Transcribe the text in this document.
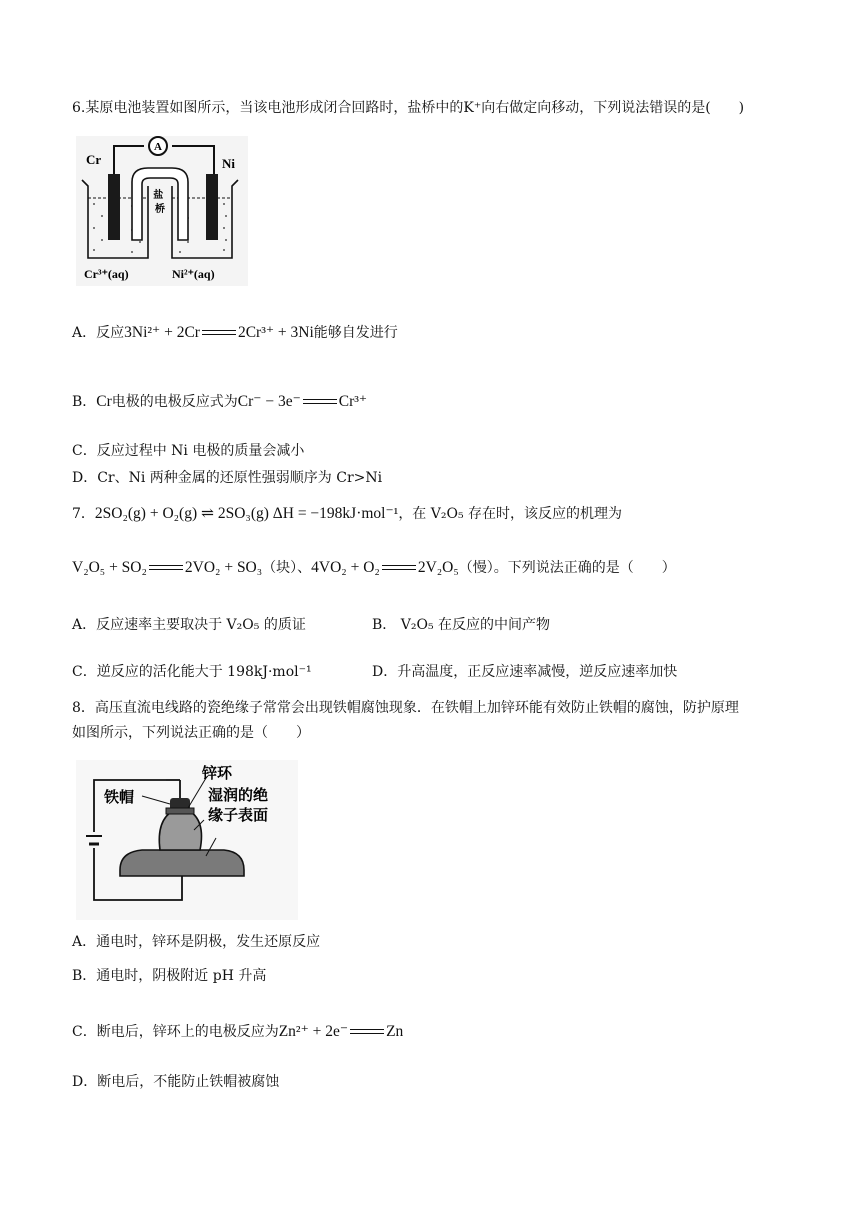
6.某原电池装置如图所示，当该电池形成闭合回路时，盐桥中的K⁺向右做定向移动，下列说法错误的是( )
A
Cr	Ni
盐 桥
Cr³⁺(aq)	Ni²⁺(aq)
A．反应3Ni²⁺ + 2Cr 2Cr³⁺ + 3Ni能够自发进行
B．Cr电极的电极反应式为Cr⁻ − 3e⁻ Cr³⁺
C．反应过程中 Ni 电极的质量会减小
D．Cr、Ni 两种金属的还原性强弱顺序为 Cr>Ni
7．2SO₂(g) + O₂(g) ⇌ 2SO₃(g) ΔH = −198kJ·mol⁻¹，在 V₂O₅ 存在时，该反应的机理为
V₂O₅ + SO₂ 2VO₂ + SO₃（块）、4VO₂ + O₂ 2V₂O₅（慢）。下列说法正确的是（ ）
A．反应速率主要取决于 V₂O₅ 的质证	B． V₂O₅ 在反应的中间产物
C．逆反应的活化能大于 198kJ·mol⁻¹	D．升高温度，正反应速率减慢，逆反应速率加快
8．高压直流电线路的瓷绝缘子常常会出现铁帽腐蚀现象．在铁帽上加锌环能有效防止铁帽的腐蚀，防护原理
如图所示，下列说法正确的是（ ）
铁帽
锌环
湿润的绝
缘子表面
A．通电时，锌环是阴极，发生还原反应
B．通电时，阴极附近 pH 升高
C．断电后，锌环上的电极反应为Zn²⁺ + 2e⁻ Zn
D．断电后，不能防止铁帽被腐蚀
